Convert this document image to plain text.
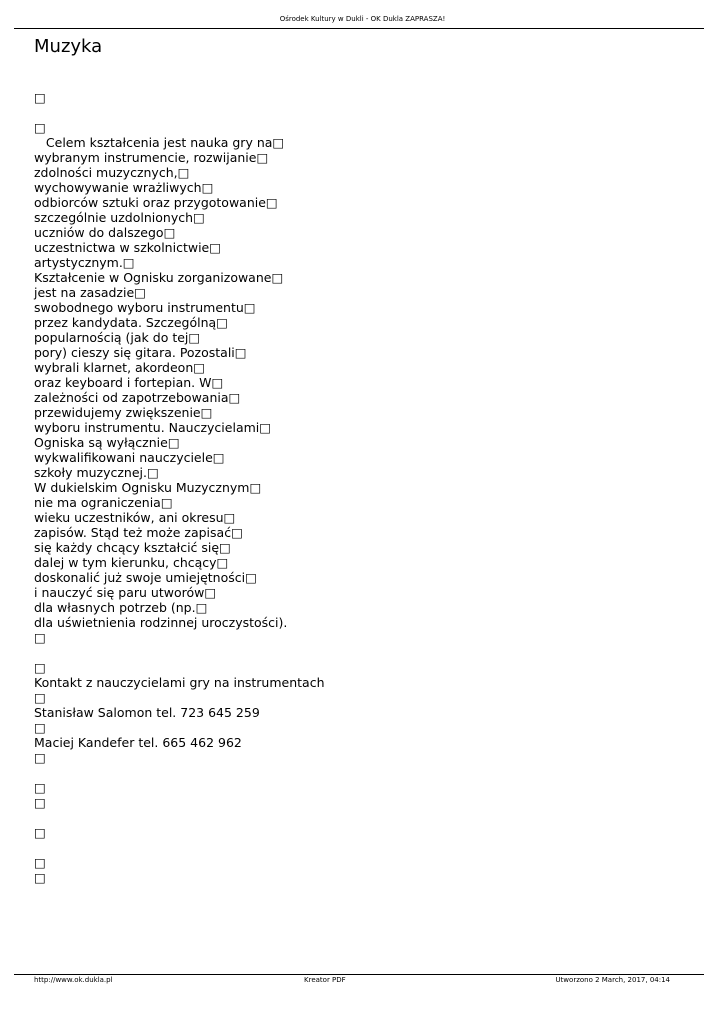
Ośrodek Kultury w Dukli - OK Dukla ZAPRASZA!
Muzyka
□
□
Celem kształcenia jest nauka gry na□
wybranym instrumencie, rozwijanie□
zdolności muzycznych,□
wychowywanie wrażliwych□
odbiorców sztuki oraz przygotowanie□
szczególnie uzdolnionych□
uczniów do dalszego□
uczestnictwa w szkolnictwie□
artystycznym.□
Kształcenie w Ognisku zorganizowane□
jest na zasadzie□
swobodnego wyboru instrumentu□
przez kandydata. Szczególną□
popularnością (jak do tej□
pory) cieszy się gitara. Pozostali□
wybrali klarnet, akordeon□
oraz keyboard i fortepian. W□
zależności od zapotrzebowania□
przewidujemy zwiększenie□
wyboru instrumentu. Nauczycielami□
Ogniska są wyłącznie□
wykwalifikowani nauczyciele□
szkoły muzycznej.□
W dukielskim Ognisku Muzycznym□
nie ma ograniczenia□
wieku uczestników, ani okresu□
zapisów. Stąd też może zapisać□
się każdy chcący kształcić się□
dalej w tym kierunku, chcący□
doskonalić już swoje umiejętności□
i nauczyć się paru utworów□
dla własnych potrzeb (np.□
dla uświetnienia rodzinnej uroczystości).
□
□
Kontakt z nauczycielami gry na instrumentach
□
Stanisław Salomon tel. 723 645 259
□
Maciej Kandefer tel. 665 462 962
□
□
□
□
□
□
http://www.ok.dukla.pl	Kreator PDF	Utworzono 2 March, 2017, 04:14
